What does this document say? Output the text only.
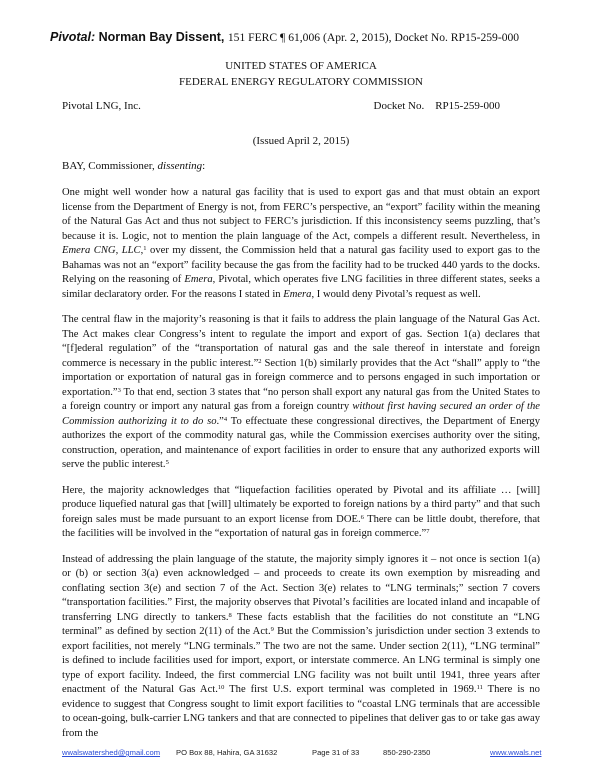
Pivotal: Norman Bay Dissent, 151 FERC ¶ 61,006 (Apr. 2, 2015), Docket No. RP15-259-000
UNITED STATES OF AMERICA
FEDERAL ENERGY REGULATORY COMMISSION
Pivotal LNG, Inc.	Docket No. RP15-259-000
(Issued April 2, 2015)
BAY, Commissioner, dissenting:

One might well wonder how a natural gas facility that is used to export gas and that must obtain an export license from the Department of Energy is not, from FERC’s perspective, an “export” facility within the meaning of the Natural Gas Act and thus not subject to FERC’s jurisdiction. If this inconsistency seems puzzling, that’s because it is. Logic, not to mention the plain language of the Act, compels a different result. Nevertheless, in Emera CNG, LLC,$^1$ over my dissent, the Commission held that a natural gas facility used to export gas to the Bahamas was not an “export” facility because the gas from the facility had to be trucked 440 yards to the docks. Relying on the reasoning of Emera, Pivotal, which operates five LNG facilities in three different states, seeks a similar declaratory order. For the reasons I stated in Emera, I would deny Pivotal’s request as well.

The central flaw in the majority’s reasoning is that it fails to address the plain language of the Natural Gas Act. The Act makes clear Congress’s intent to regulate the import and export of gas. Section 1(a) declares that “[f]ederal regulation” of the “transportation of natural gas and the sale thereof in interstate and foreign commerce is necessary in the public interest.”$^2$ Section 1(b) similarly provides that the Act “shall” apply to “the importation or exportation of natural gas in foreign commerce and to persons engaged in such importation or exportation.”$^3$ To that end, section 3 states that “no person shall export any natural gas from the United States to a foreign country or import any natural gas from a foreign country without first having secured an order of the Commission authorizing it to do so.”$^4$ To effectuate these congressional directives, the Department of Energy authorizes the export of the commodity natural gas, while the Commission exercises authority over the siting, construction, operation, and maintenance of export facilities in order to ensure that any authorized exports will serve the public interest.$^5$

Here, the majority acknowledges that “liquefaction facilities operated by Pivotal and its affiliate … [will] produce liquefied natural gas that [will] ultimately be exported to foreign nations by a third party” and that such foreign sales must be made pursuant to an export license from DOE.$^6$ There can be little doubt, therefore, that the facilities will be involved in the “exportation of natural gas in foreign commerce.”$^7$

Instead of addressing the plain language of the statute, the majority simply ignores it – not once is section 1(a) or (b) or section 3(a) even acknowledged – and proceeds to create its own exemption by misreading and conflating section 3(e) and section 7 of the Act. Section 3(e) relates to “LNG terminals;” section 7 covers “transportation facilities.” First, the majority observes that Pivotal’s facilities are located inland and incapable of transferring LNG directly to tankers.$^8$ These facts establish that the facilities do not constitute an “LNG terminal” as defined by section 2(11) of the Act.$^9$ But the Commission’s jurisdiction under section 3 extends to export facilities, not merely “LNG terminals.” The two are not the same. Under section 2(11), “LNG terminal” is defined to include facilities used for import, export, or interstate commerce. An LNG terminal is simply one type of export facility. Indeed, the first commercial LNG facility was not built until 1941, three years after enactment of the Natural Gas Act.$^{10}$ The first U.S. export terminal was completed in 1969.11 There is no evidence to suggest that Congress sought to limit export facilities to “coastal LNG terminals that are accessible to ocean-going, bulk-carrier LNG tankers and that are connected to pipelines that deliver gas to or take gas away from the

wwalswatershed@gmail.com PO Box 88, Hahira, GA 31632	Page 31 of 33	850-290-2350	www.wwals.net
